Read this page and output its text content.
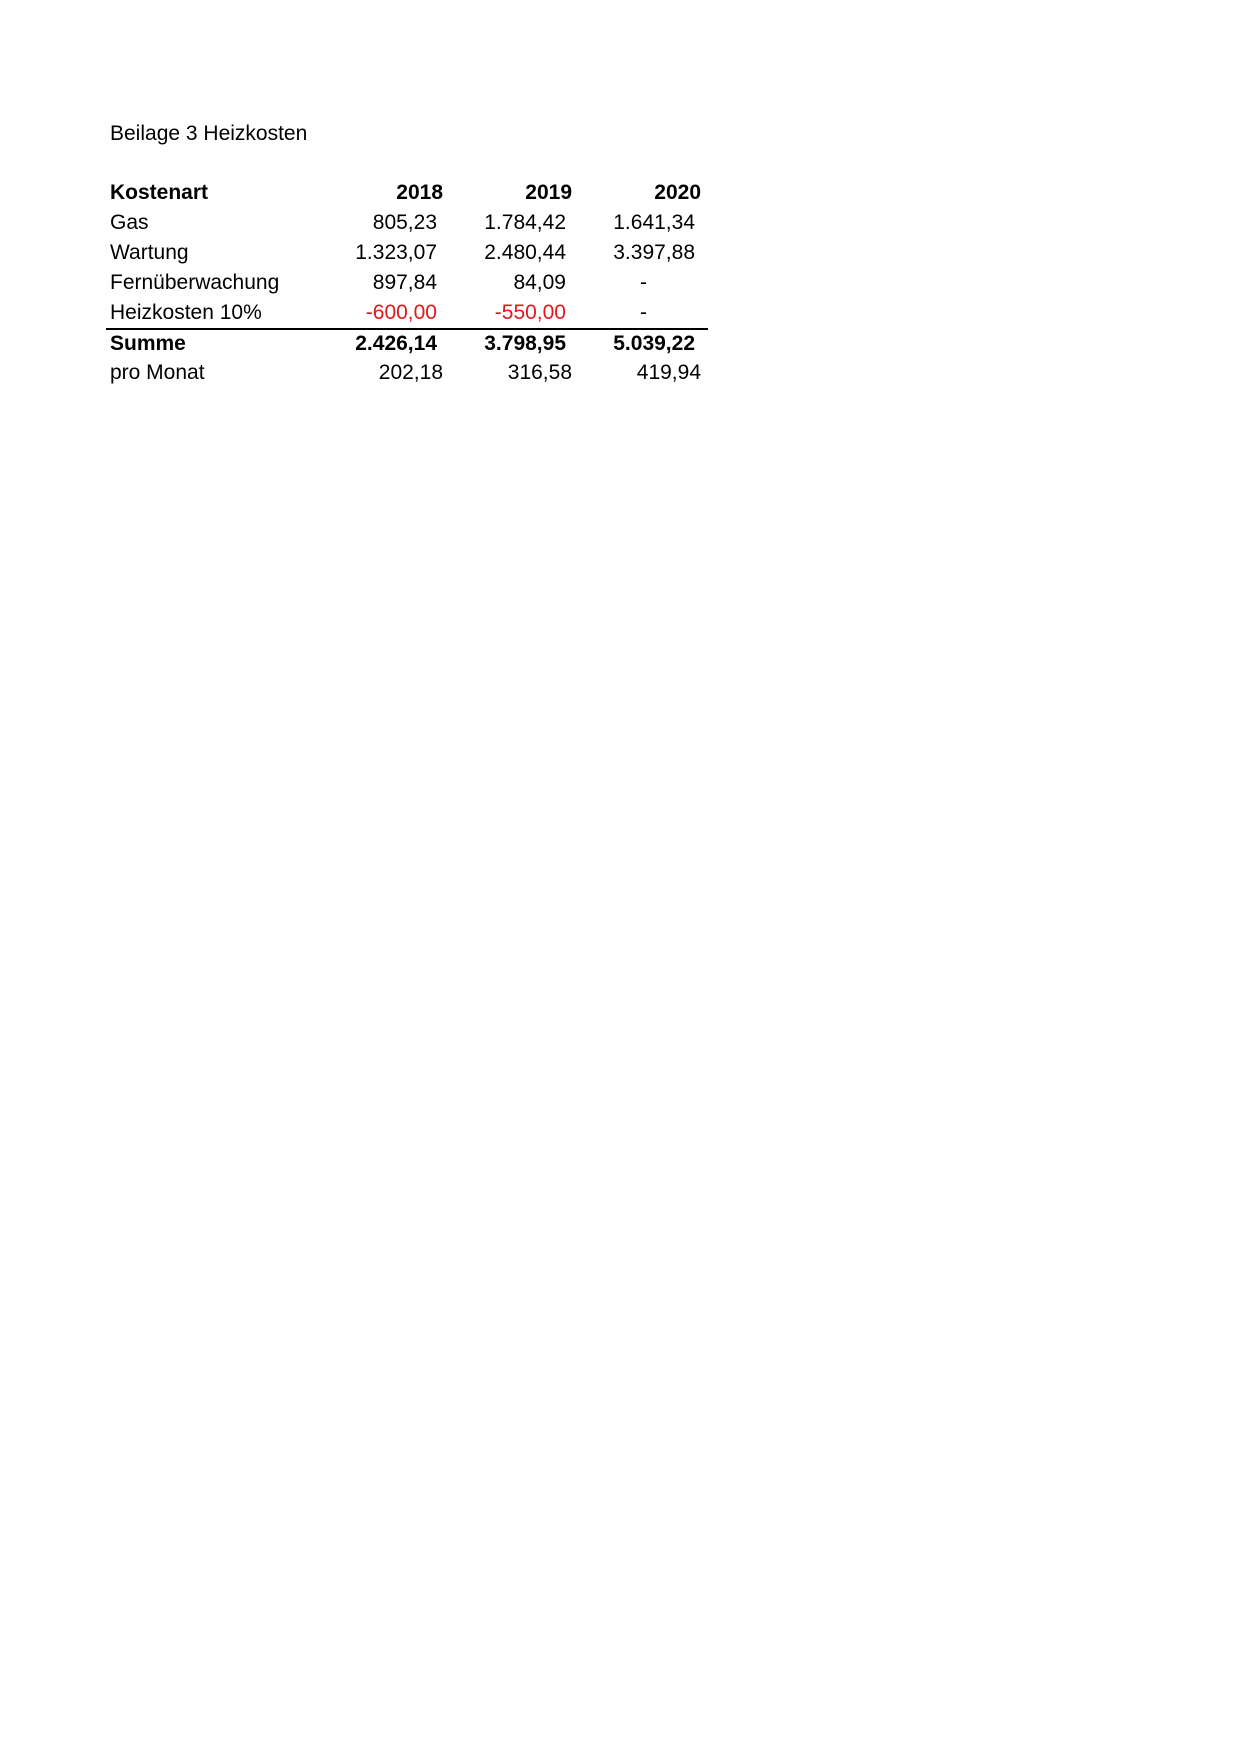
Beilage 3 Heizkosten
Kostenart	2018	2019	2020
Gas	805,23	1.784,42	1.641,34
Wartung	1.323,07	2.480,44	3.397,88
Fernüberwachung	897,84	84,09	-
Heizkosten 10%	-600,00	-550,00	-
Summe	2.426,14	3.798,95	5.039,22
pro Monat	202,18	316,58	419,94
